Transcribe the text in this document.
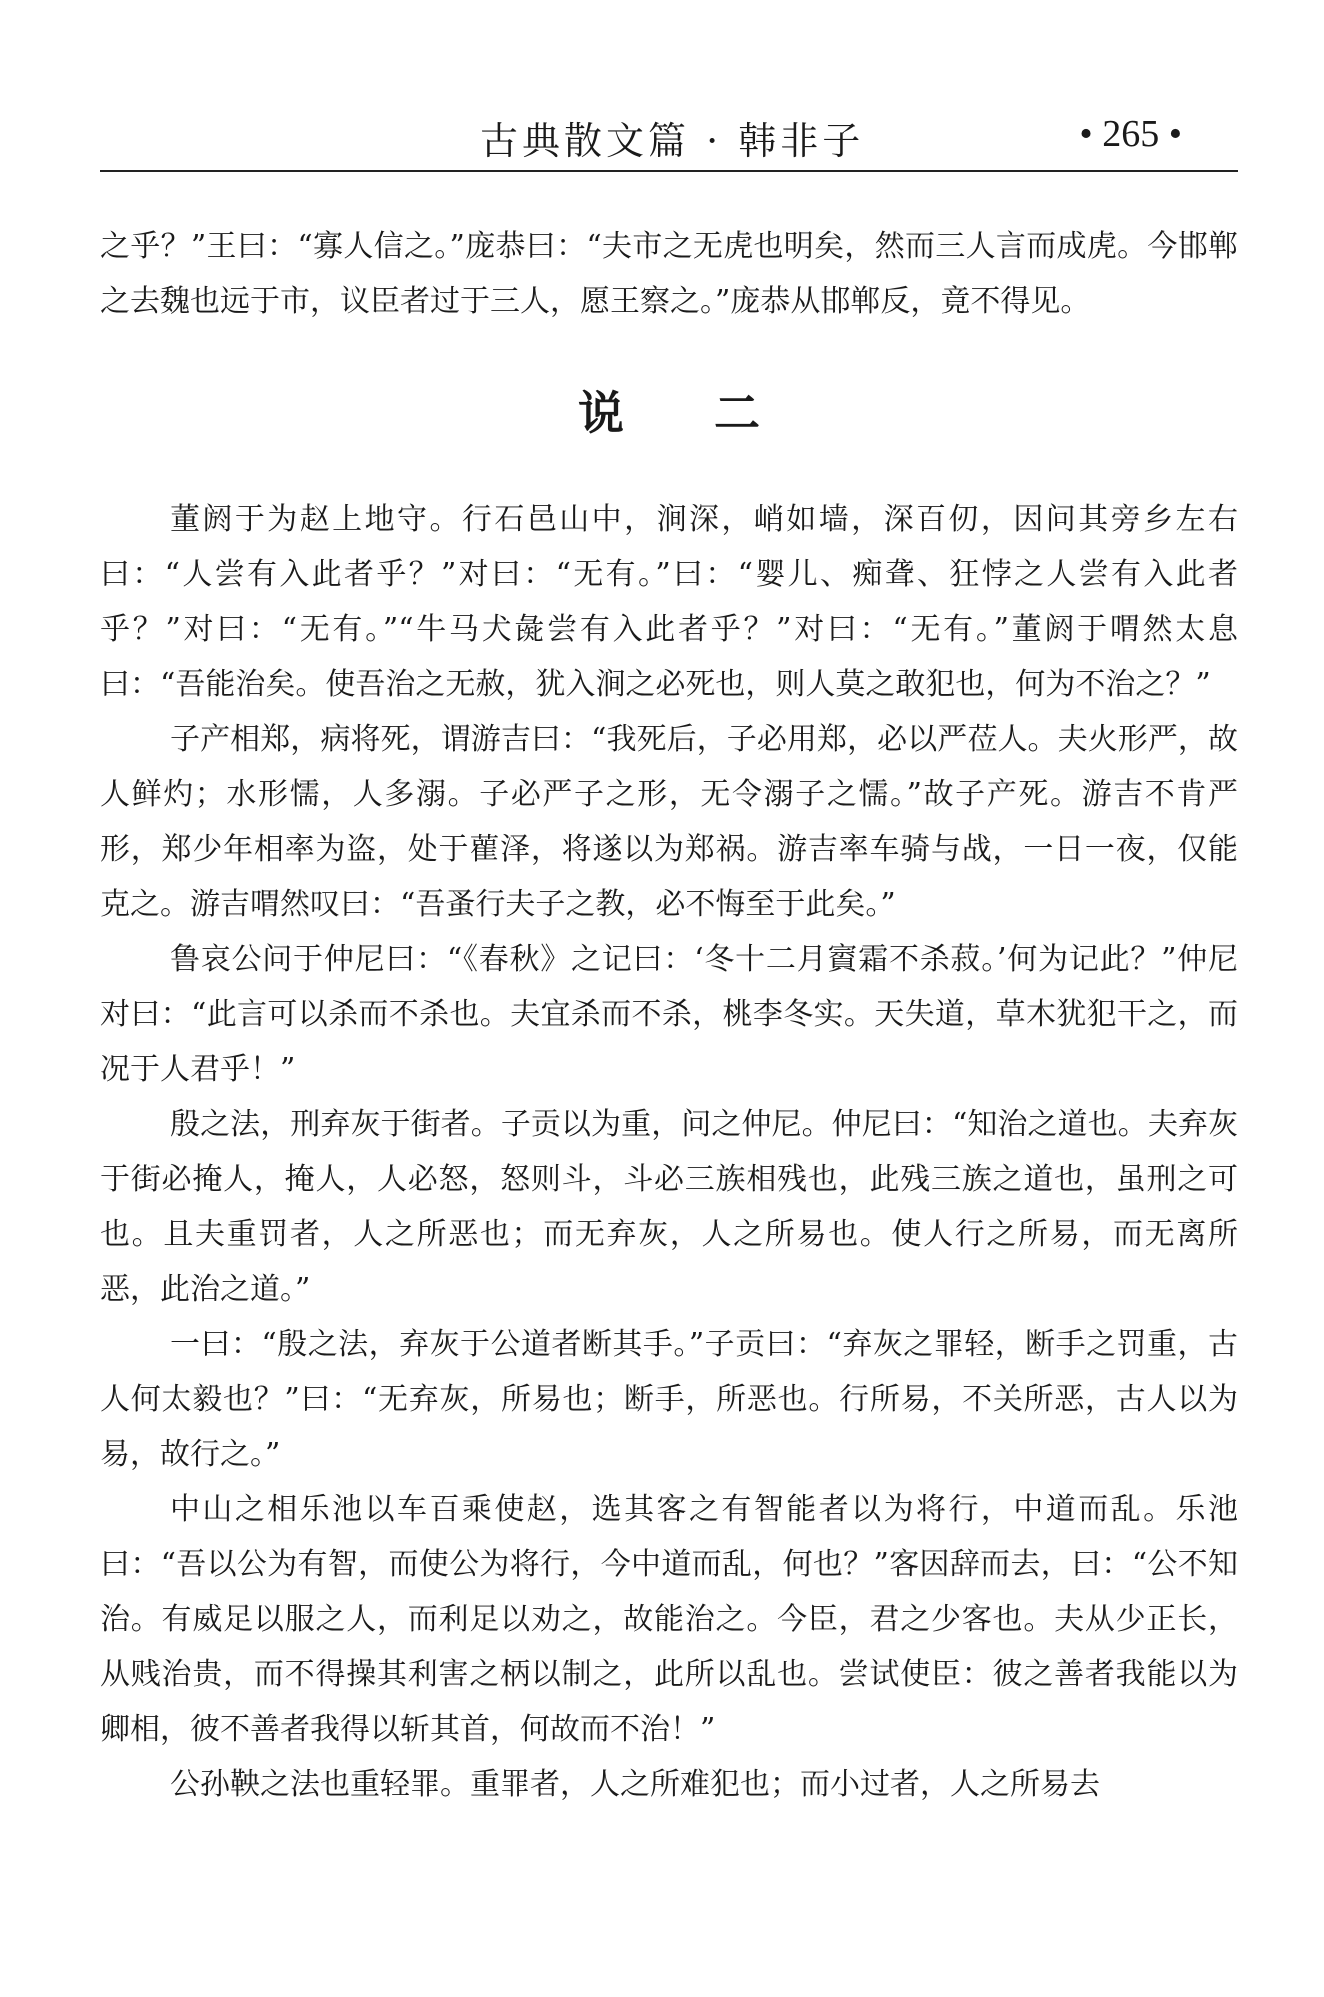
古典散文篇 · 韩非子	• 265 •

之乎？”王曰：“寡人信之。”庞恭曰：“夫市之无虎也明矣，然而三人言而成虎。今邯郸之去魏也远于市，议臣者过于三人，愿王察之。”庞恭从邯郸反，竟不得见。

说 二

董阏于为赵上地守。行石邑山中，涧深，峭如墙，深百仞，因问其旁乡左右曰：“人尝有入此者乎？”对曰：“无有。”曰：“婴儿、痴聋、狂悖之人尝有入此者乎？”对曰：“无有。”“牛马犬彘尝有入此者乎？”对曰：“无有。”董阏于喟然太息曰：“吾能治矣。使吾治之无赦，犹入涧之必死也，则人莫之敢犯也，何为不治之？”

子产相郑，病将死，谓游吉曰：“我死后，子必用郑，必以严莅人。夫火形严，故人鲜灼；水形懦，人多溺。子必严子之形，无令溺子之懦。”故子产死。游吉不肯严形，郑少年相率为盗，处于雚泽，将遂以为郑祸。游吉率车骑与战，一日一夜，仅能克之。游吉喟然叹曰：“吾蚤行夫子之教，必不悔至于此矣。”

鲁哀公问于仲尼曰：“《春秋》之记曰：‘冬十二月賨霜不杀菽。’何为记此？”仲尼对曰：“此言可以杀而不杀也。夫宜杀而不杀，桃李冬实。天失道，草木犹犯干之，而况于人君乎！”

殷之法，刑弃灰于街者。子贡以为重，问之仲尼。仲尼曰：“知治之道也。夫弃灰于街必掩人，掩人，人必怒，怒则斗，斗必三族相残也，此残三族之道也，虽刑之可也。且夫重罚者，人之所恶也；而无弃灰，人之所易也。使人行之所易，而无离所恶，此治之道。”

一曰：“殷之法，弃灰于公道者断其手。”子贡曰：“弃灰之罪轻，断手之罚重，古人何太毅也？”曰：“无弃灰，所易也；断手，所恶也。行所易，不关所恶，古人以为易，故行之。”

中山之相乐池以车百乘使赵，选其客之有智能者以为将行，中道而乱。乐池曰：“吾以公为有智，而使公为将行，今中道而乱，何也？”客因辞而去，曰：“公不知治。有威足以服之人，而利足以劝之，故能治之。今臣，君之少客也。夫从少正长，从贱治贵，而不得操其利害之柄以制之，此所以乱也。尝试使臣：彼之善者我能以为卿相，彼不善者我得以斩其首，何故而不治！”

公孙鞅之法也重轻罪。重罪者，人之所难犯也；而小过者，人之所易去
